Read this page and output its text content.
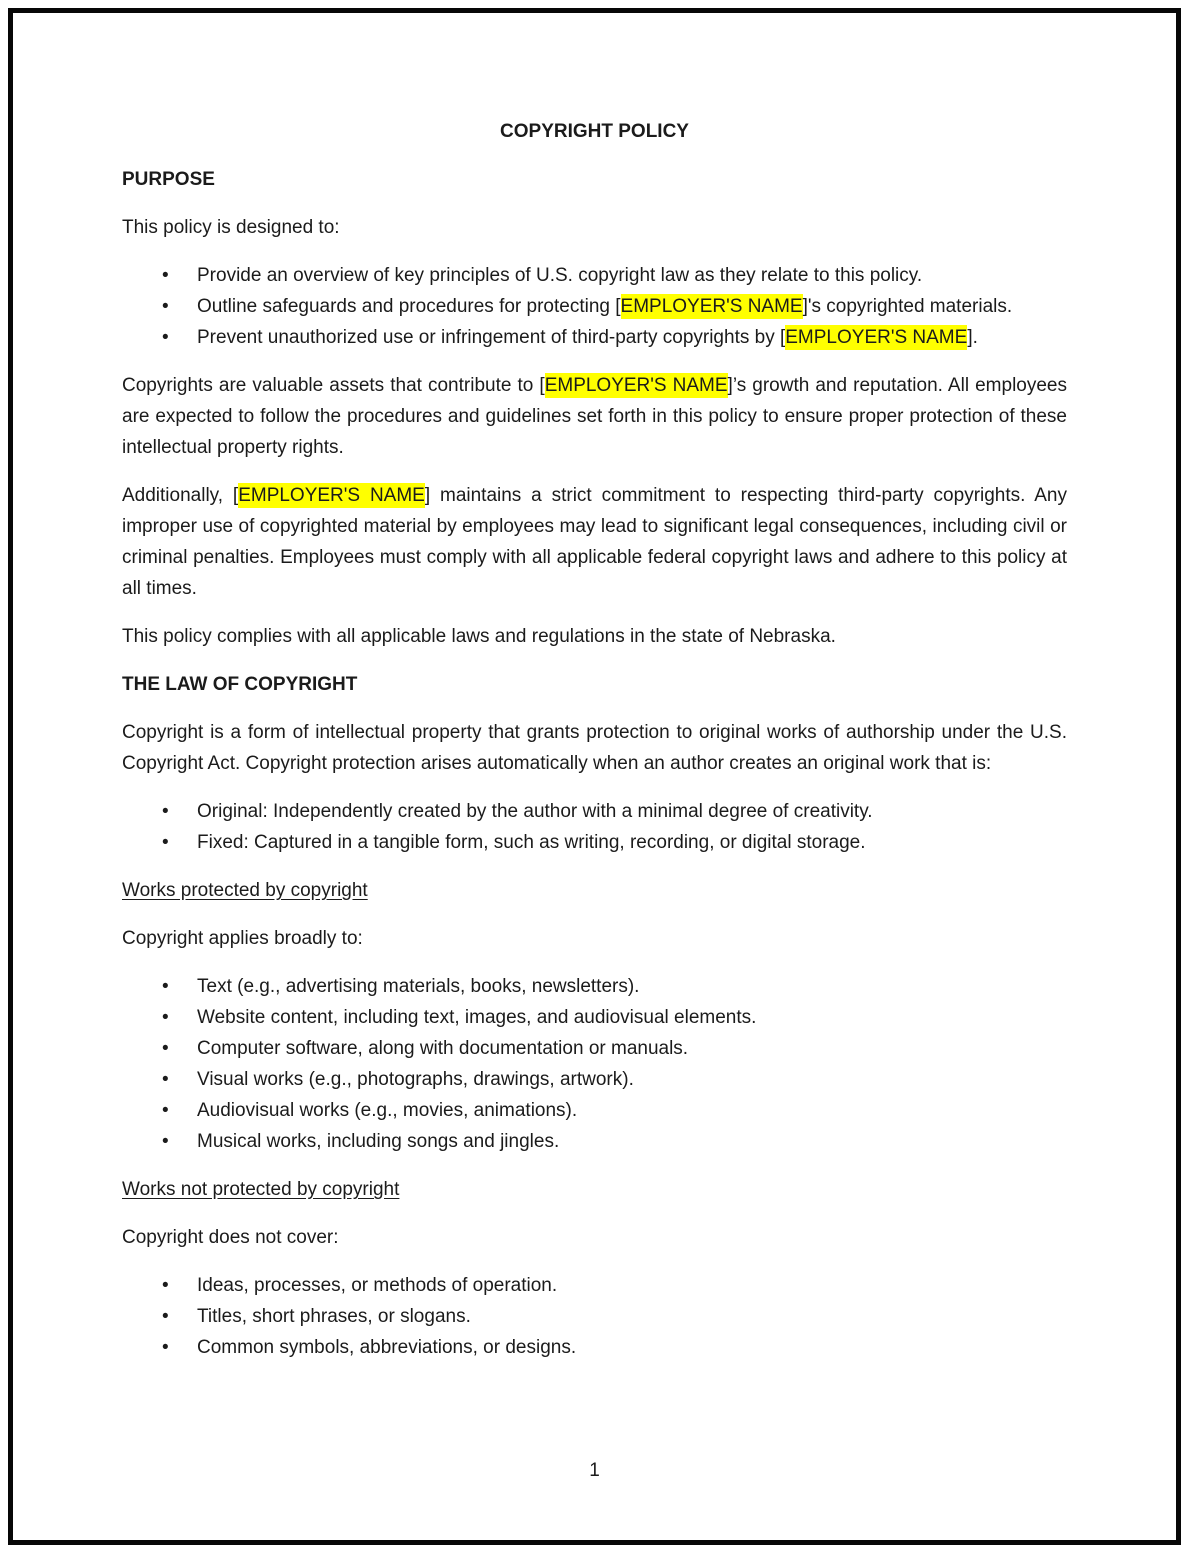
COPYRIGHT POLICY

PURPOSE

This policy is designed to:

• Provide an overview of key principles of U.S. copyright law as they relate to this policy.
• Outline safeguards and procedures for protecting [EMPLOYER'S NAME]'s copyrighted materials.
• Prevent unauthorized use or infringement of third-party copyrights by [EMPLOYER'S NAME].

Copyrights are valuable assets that contribute to [EMPLOYER'S NAME]’s growth and reputation. All employees are expected to follow the procedures and guidelines set forth in this policy to ensure proper protection of these intellectual property rights.

Additionally, [EMPLOYER'S NAME] maintains a strict commitment to respecting third-party copyrights. Any improper use of copyrighted material by employees may lead to significant legal consequences, including civil or criminal penalties. Employees must comply with all applicable federal copyright laws and adhere to this policy at all times.

This policy complies with all applicable laws and regulations in the state of Nebraska.

THE LAW OF COPYRIGHT

Copyright is a form of intellectual property that grants protection to original works of authorship under the U.S. Copyright Act. Copyright protection arises automatically when an author creates an original work that is:

• Original: Independently created by the author with a minimal degree of creativity.
• Fixed: Captured in a tangible form, such as writing, recording, or digital storage.

Works protected by copyright

Copyright applies broadly to:

• Text (e.g., advertising materials, books, newsletters).
• Website content, including text, images, and audiovisual elements.
• Computer software, along with documentation or manuals.
• Visual works (e.g., photographs, drawings, artwork).
• Audiovisual works (e.g., movies, animations).
• Musical works, including songs and jingles.

Works not protected by copyright

Copyright does not cover:

• Ideas, processes, or methods of operation.
• Titles, short phrases, or slogans.
• Common symbols, abbreviations, or designs.
1
